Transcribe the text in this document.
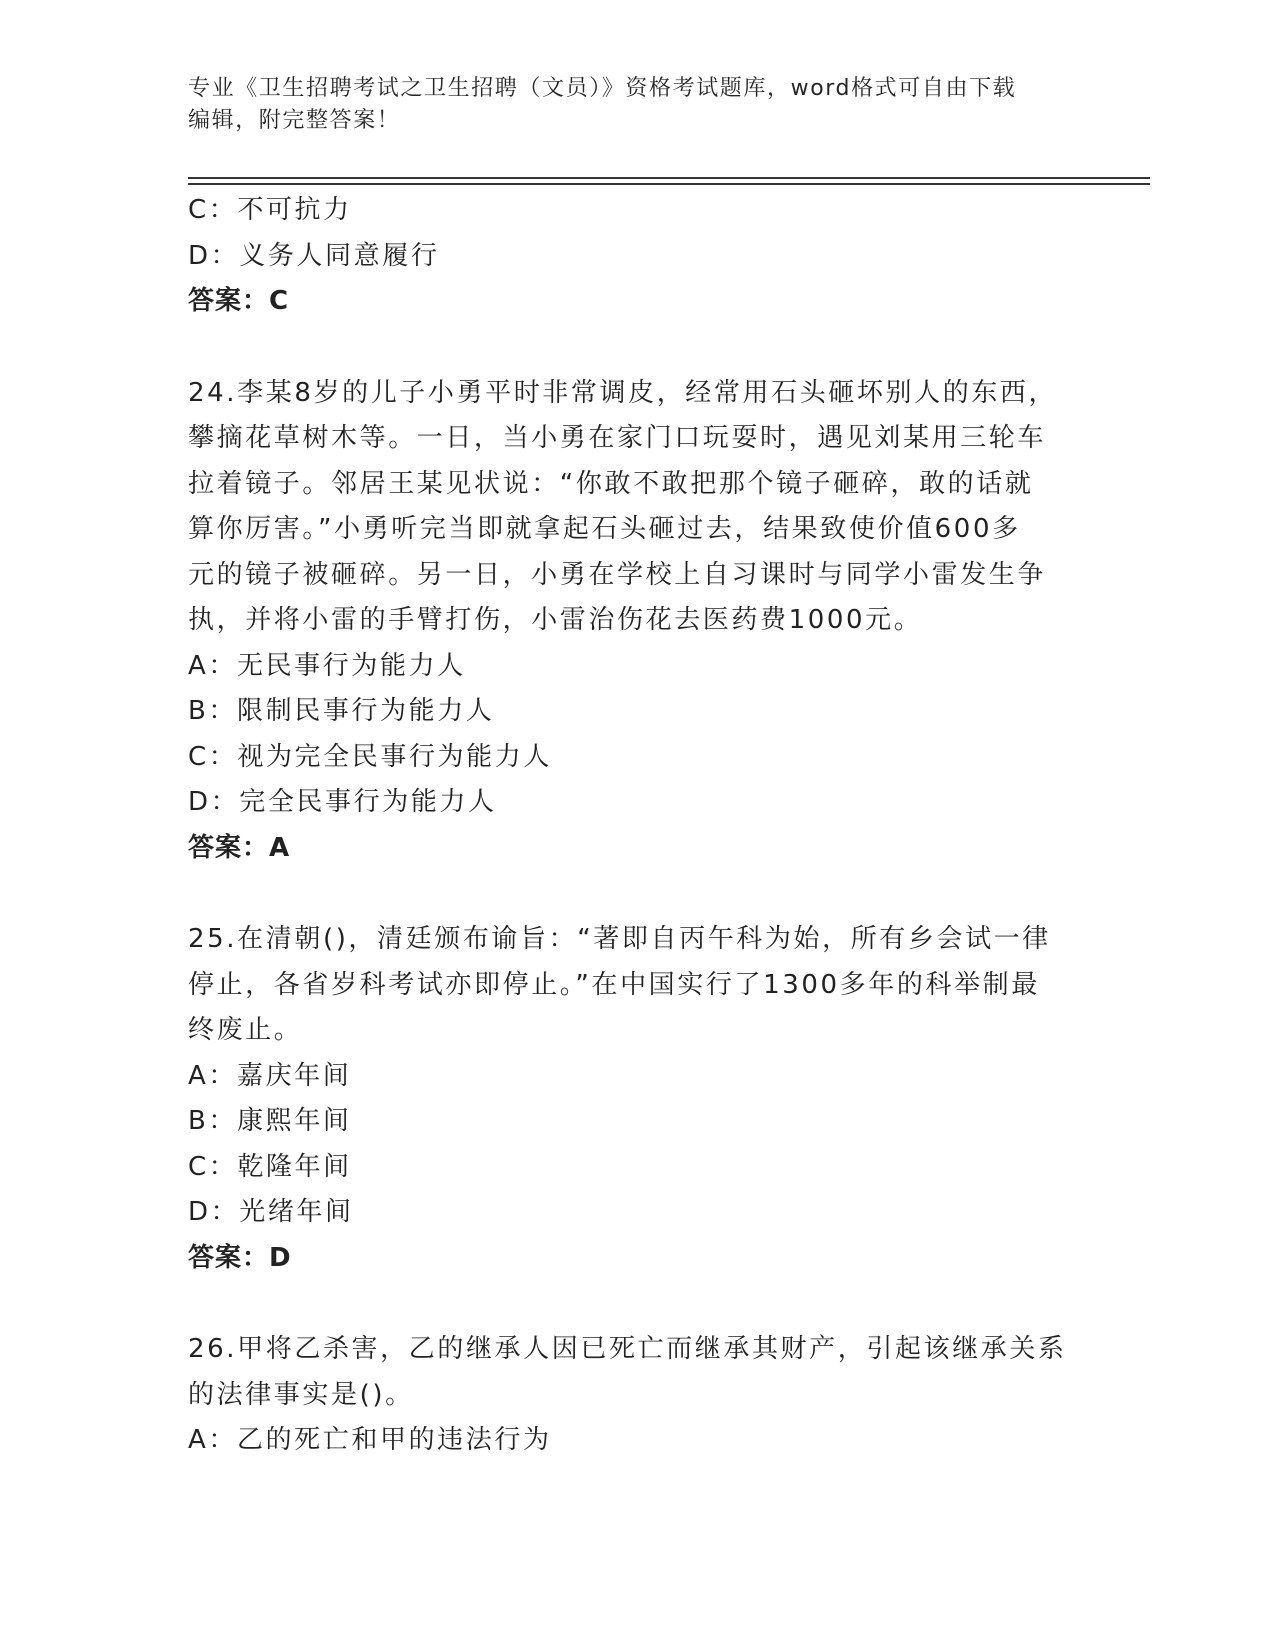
专业《卫生招聘考试之卫生招聘（文员）》资格考试题库，word格式可自由下载
编辑，附完整答案！
C：不可抗力
D：义务人同意履行
答案：C
24.李某8岁的儿子小勇平时非常调皮，经常用石头砸坏别人的东西，
攀摘花草树木等。一日，当小勇在家门口玩耍时，遇见刘某用三轮车
拉着镜子。邻居王某见状说：“你敢不敢把那个镜子砸碎，敢的话就
算你厉害。”小勇听完当即就拿起石头砸过去，结果致使价值600多
元的镜子被砸碎。另一日，小勇在学校上自习课时与同学小雷发生争
执，并将小雷的手臂打伤，小雷治伤花去医药费1000元。
A：无民事行为能力人
B：限制民事行为能力人
C：视为完全民事行为能力人
D：完全民事行为能力人
答案：A
25.在清朝()，清廷颁布谕旨：“著即自丙午科为始，所有乡会试一律
停止，各省岁科考试亦即停止。”在中国实行了1300多年的科举制最
终废止。
A：嘉庆年间
B：康熙年间
C：乾隆年间
D：光绪年间
答案：D
26.甲将乙杀害，乙的继承人因已死亡而继承其财产，引起该继承关系
的法律事实是()。
A：乙的死亡和甲的违法行为
